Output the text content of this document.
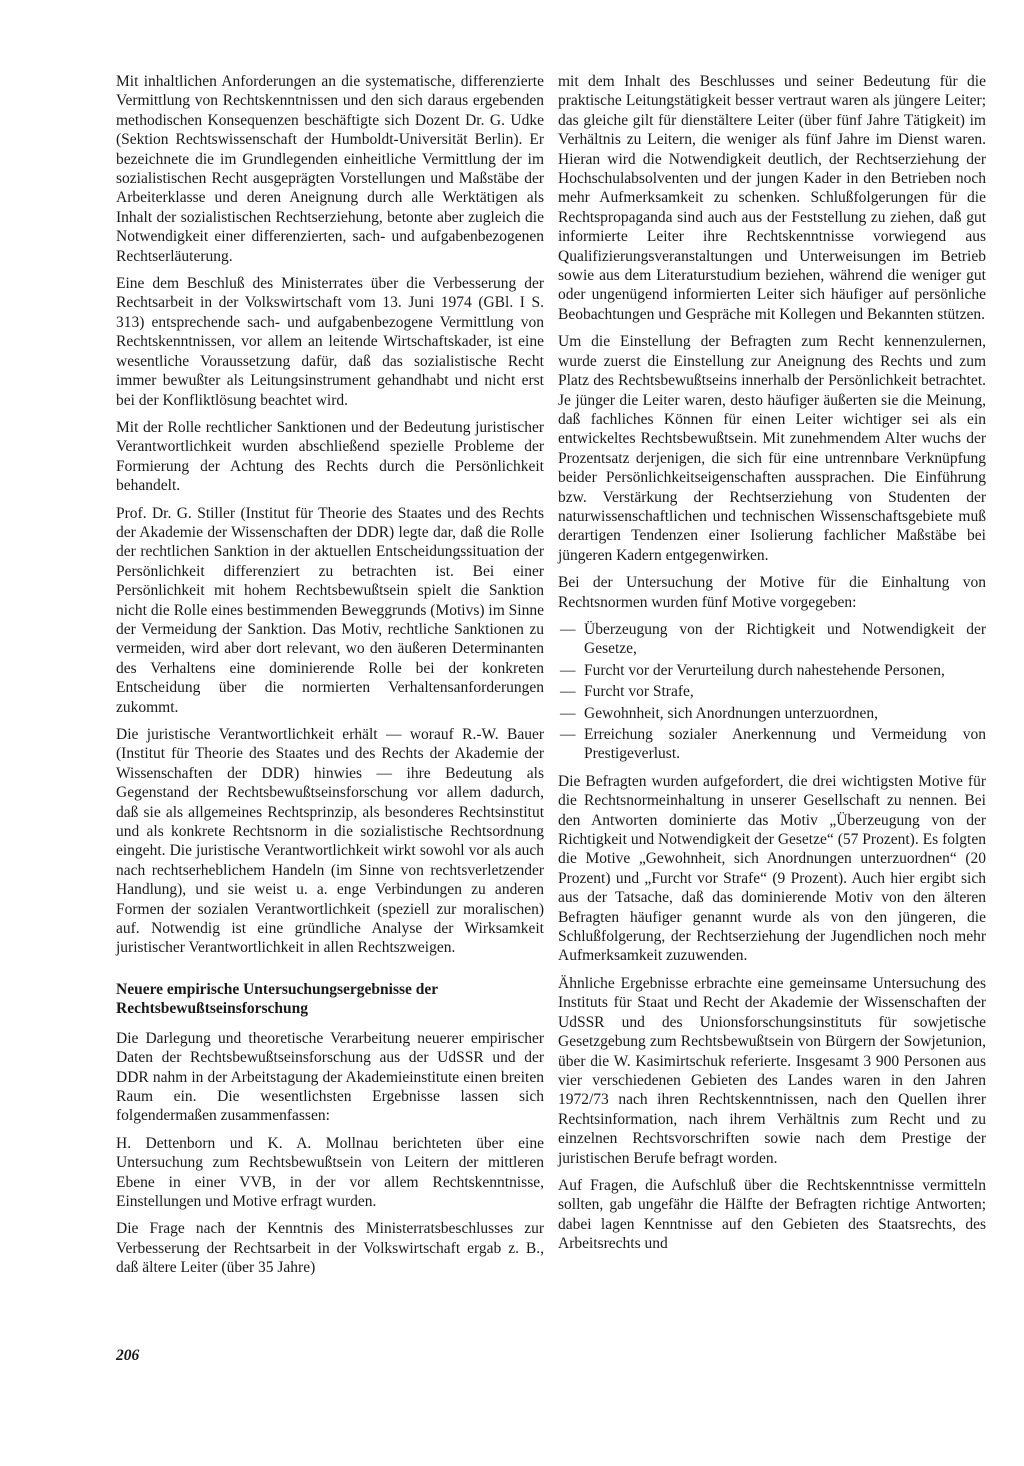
Mit inhaltlichen Anforderungen an die systematische, differenzierte Vermittlung von Rechtskenntnissen und den sich daraus ergebenden methodischen Konsequenzen beschäftigte sich Dozent Dr. G. Udke (Sektion Rechtswissenschaft der Humboldt-Universität Berlin). Er bezeichnete die im Grundlegenden einheitliche Vermittlung der im sozialistischen Recht ausgeprägten Vorstellungen und Maßstäbe der Arbeiterklasse und deren Aneignung durch alle Werktätigen als Inhalt der sozialistischen Rechtserziehung, betonte aber zugleich die Notwendigkeit einer differenzierten, sach- und aufgabenbezogenen Rechtserläuterung.

Eine dem Beschluß des Ministerrates über die Verbesserung der Rechtsarbeit in der Volkswirtschaft vom 13. Juni 1974 (GBl. I S. 313) entsprechende sach- und aufgabenbezogene Vermittlung von Rechtskenntnissen, vor allem an leitende Wirtschaftskader, ist eine wesentliche Voraussetzung dafür, daß das sozialistische Recht immer bewußter als Leitungsinstrument gehandhabt und nicht erst bei der Konfliktlösung beachtet wird.

Mit der Rolle rechtlicher Sanktionen und der Bedeutung juristischer Verantwortlichkeit wurden abschließend spezielle Probleme der Formierung der Achtung des Rechts durch die Persönlichkeit behandelt.

Prof. Dr. G. Stiller (Institut für Theorie des Staates und des Rechts der Akademie der Wissenschaften der DDR) legte dar, daß die Rolle der rechtlichen Sanktion in der aktuellen Entscheidungssituation der Persönlichkeit differenziert zu betrachten ist. Bei einer Persönlichkeit mit hohem Rechtsbewußtsein spielt die Sanktion nicht die Rolle eines bestimmenden Beweggrunds (Motivs) im Sinne der Vermeidung der Sanktion. Das Motiv, rechtliche Sanktionen zu vermeiden, wird aber dort relevant, wo den äußeren Determinanten des Verhaltens eine dominierende Rolle bei der konkreten Entscheidung über die normierten Verhaltensanforderungen zukommt.

Die juristische Verantwortlichkeit erhält — worauf R.-W. Bauer (Institut für Theorie des Staates und des Rechts der Akademie der Wissenschaften der DDR) hinwies — ihre Bedeutung als Gegenstand der Rechtsbewußtseinsforschung vor allem dadurch, daß sie als allgemeines Rechtsprinzip, als besonderes Rechtsinstitut und als konkrete Rechtsnorm in die sozialistische Rechtsordnung eingeht. Die juristische Verantwortlichkeit wirkt sowohl vor als auch nach rechtserheblichem Handeln (im Sinne von rechtsverletzender Handlung), und sie weist u. a. enge Verbindungen zu anderen Formen der sozialen Verantwortlichkeit (speziell zur moralischen) auf. Notwendig ist eine gründliche Analyse der Wirksamkeit juristischer Verantwortlichkeit in allen Rechtszweigen.

Neuere empirische Untersuchungsergebnisse der Rechtsbewußtseinsforschung

Die Darlegung und theoretische Verarbeitung neuerer empirischer Daten der Rechtsbewußtseinsforschung aus der UdSSR und der DDR nahm in der Arbeitstagung der Akademieinstitute einen breiten Raum ein. Die wesentlichsten Ergebnisse lassen sich folgendermaßen zusammenfassen:

H. Dettenborn und K. A. Mollnau berichteten über eine Untersuchung zum Rechtsbewußtsein von Leitern der mittleren Ebene in einer VVB, in der vor allem Rechtskenntnisse, Einstellungen und Motive erfragt wurden.

Die Frage nach der Kenntnis des Ministerratsbeschlusses zur Verbesserung der Rechtsarbeit in der Volkswirtschaft ergab z. B., daß ältere Leiter (über 35 Jahre)

mit dem Inhalt des Beschlusses und seiner Bedeutung für die praktische Leitungstätigkeit besser vertraut waren als jüngere Leiter; das gleiche gilt für dienstältere Leiter (über fünf Jahre Tätigkeit) im Verhältnis zu Leitern, die weniger als fünf Jahre im Dienst waren. Hieran wird die Notwendigkeit deutlich, der Rechtserziehung der Hochschulabsolventen und der jungen Kader in den Betrieben noch mehr Aufmerksamkeit zu schenken. Schlußfolgerungen für die Rechtspropaganda sind auch aus der Feststellung zu ziehen, daß gut informierte Leiter ihre Rechtskenntnisse vorwiegend aus Qualifizierungsveranstaltungen und Unterweisungen im Betrieb sowie aus dem Literaturstudium beziehen, während die weniger gut oder ungenügend informierten Leiter sich häufiger auf persönliche Beobachtungen und Gespräche mit Kollegen und Bekannten stützen.

Um die Einstellung der Befragten zum Recht kennenzulernen, wurde zuerst die Einstellung zur Aneignung des Rechts und zum Platz des Rechtsbewußtseins innerhalb der Persönlichkeit betrachtet. Je jünger die Leiter waren, desto häufiger äußerten sie die Meinung, daß fachliches Können für einen Leiter wichtiger sei als ein entwickeltes Rechtsbewußtsein. Mit zunehmendem Alter wuchs der Prozentsatz derjenigen, die sich für eine untrennbare Verknüpfung beider Persönlichkeitseigenschaften aussprachen. Die Einführung bzw. Verstärkung der Rechtserziehung von Studenten der naturwissenschaftlichen und technischen Wissenschaftsgebiete muß derartigen Tendenzen einer Isolierung fachlicher Maßstäbe bei jüngeren Kadern entgegenwirken.

Bei der Untersuchung der Motive für die Einhaltung von Rechtsnormen wurden fünf Motive vorgegeben:

— Überzeugung von der Richtigkeit und Notwendigkeit der Gesetze,
— Furcht vor der Verurteilung durch nahestehende Personen,
— Furcht vor Strafe,
— Gewohnheit, sich Anordnungen unterzuordnen,
— Erreichung sozialer Anerkennung und Vermeidung von Prestigeverlust.

Die Befragten wurden aufgefordert, die drei wichtigsten Motive für die Rechtsnormeinhaltung in unserer Gesellschaft zu nennen. Bei den Antworten dominierte das Motiv „Überzeugung von der Richtigkeit und Notwendigkeit der Gesetze“ (57 Prozent). Es folgten die Motive „Gewohnheit, sich Anordnungen unterzuordnen“ (20 Prozent) und „Furcht vor Strafe“ (9 Prozent). Auch hier ergibt sich aus der Tatsache, daß das dominierende Motiv von den älteren Befragten häufiger genannt wurde als von den jüngeren, die Schlußfolgerung, der Rechtserziehung der Jugendlichen noch mehr Aufmerksamkeit zuzuwenden.

Ähnliche Ergebnisse erbrachte eine gemeinsame Untersuchung des Instituts für Staat und Recht der Akademie der Wissenschaften der UdSSR und des Unionsforschungsinstituts für sowjetische Gesetzgebung zum Rechtsbewußtsein von Bürgern der Sowjetunion, über die W. Kasimirtschuk referierte. Insgesamt 3 900 Personen aus vier verschiedenen Gebieten des Landes waren in den Jahren 1972/73 nach ihren Rechtskenntnissen, nach den Quellen ihrer Rechtsinformation, nach ihrem Verhältnis zum Recht und zu einzelnen Rechtsvorschriften sowie nach dem Prestige der juristischen Berufe befragt worden.

Auf Fragen, die Aufschluß über die Rechtskenntnisse vermitteln sollten, gab ungefähr die Hälfte der Befragten richtige Antworten; dabei lagen Kenntnisse auf den Gebieten des Staatsrechts, des Arbeitsrechts und

206
